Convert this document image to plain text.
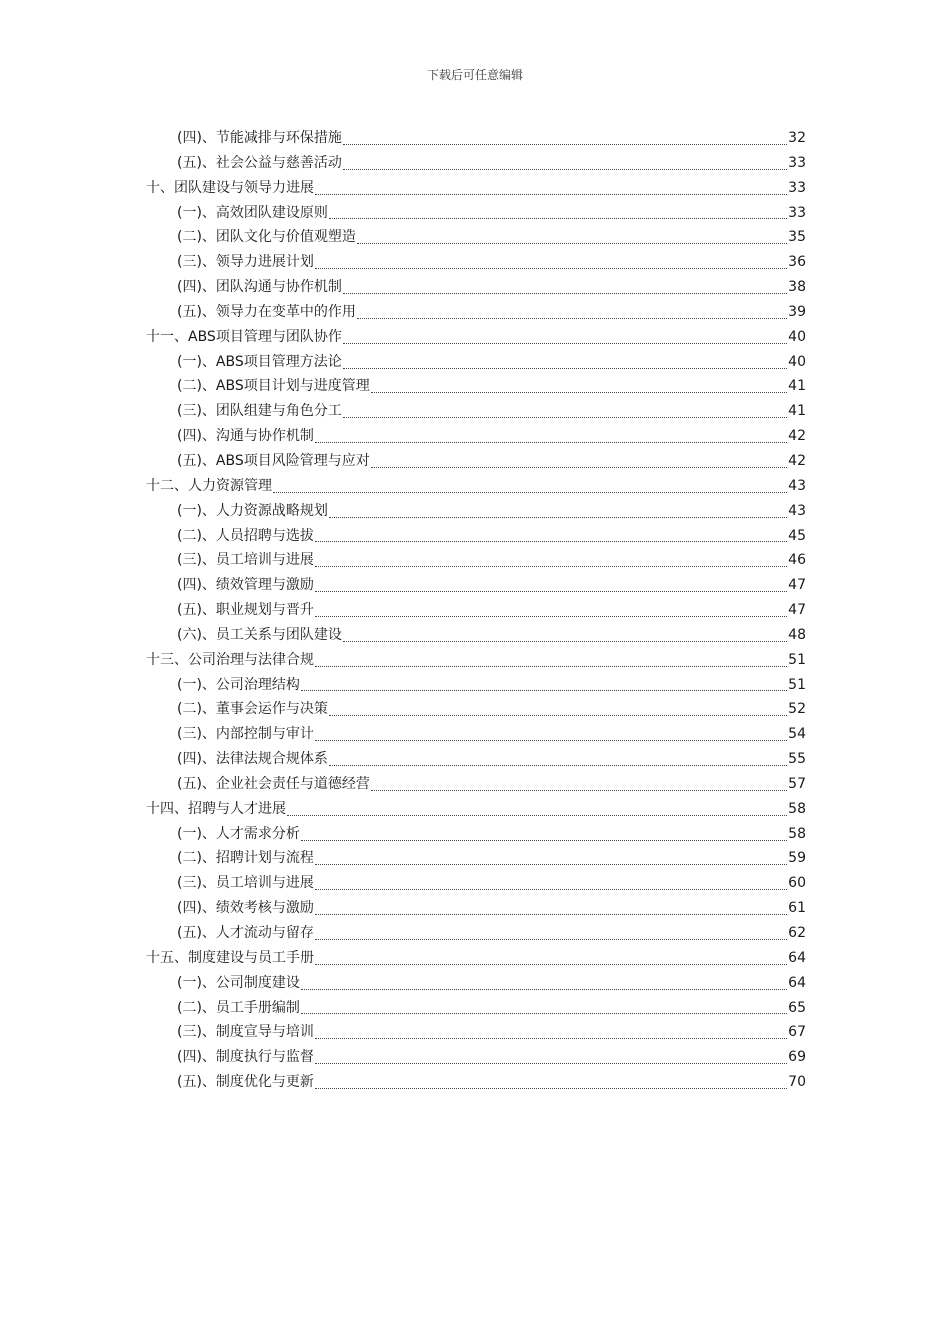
下载后可任意编辑
(四)、节能减排与环保措施	32
(五)、社会公益与慈善活动	33
十、团队建设与领导力进展	33
(一)、高效团队建设原则	33
(二)、团队文化与价值观塑造	35
(三)、领导力进展计划	36
(四)、团队沟通与协作机制	38
(五)、领导力在变革中的作用	39
十一、ABS项目管理与团队协作	40
(一)、ABS项目管理方法论	40
(二)、ABS项目计划与进度管理	41
(三)、团队组建与角色分工	41
(四)、沟通与协作机制	42
(五)、ABS项目风险管理与应对	42
十二、人力资源管理	43
(一)、人力资源战略规划	43
(二)、人员招聘与选拔	45
(三)、员工培训与进展	46
(四)、绩效管理与激励	47
(五)、职业规划与晋升	47
(六)、员工关系与团队建设	48
十三、公司治理与法律合规	51
(一)、公司治理结构	51
(二)、董事会运作与决策	52
(三)、内部控制与审计	54
(四)、法律法规合规体系	55
(五)、企业社会责任与道德经营	57
十四、招聘与人才进展	58
(一)、人才需求分析	58
(二)、招聘计划与流程	59
(三)、员工培训与进展	60
(四)、绩效考核与激励	61
(五)、人才流动与留存	62
十五、制度建设与员工手册	64
(一)、公司制度建设	64
(二)、员工手册编制	65
(三)、制度宣导与培训	67
(四)、制度执行与监督	69
(五)、制度优化与更新	70
